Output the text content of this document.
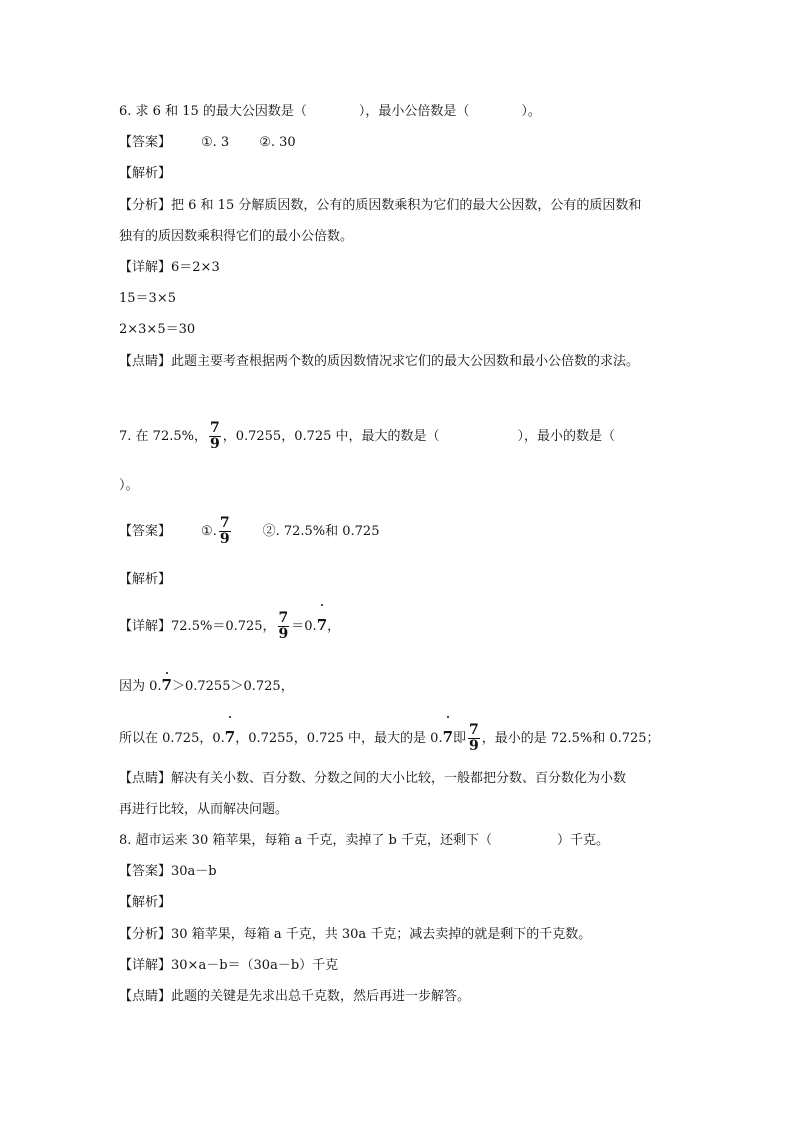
6. 求 6 和 15 的最大公因数是（　　　　），最小公倍数是（　　　　）。
【答案】 ①. 3 ②. 30
【解析】
【分析】把 6 和 15 分解质因数，公有的质因数乘积为它们的最大公因数，公有的质因数和
独有的质因数乘积得它们的最小公倍数。
【详解】6＝2×3
15＝3×5
2×3×5＝30
【点睛】此题主要考查根据两个数的质因数情况求它们的最大公因数和最小公倍数的求法。
7. 在 72.5%， $\frac{7}{9}$ ，0.7255，0.725 中，最大的数是（　　　　　　），最小的数是（
）。
【答案】 ①. $\frac{7}{9}$ ②. 72.5%和 0.725
【解析】
【详解】72.5%＝0.725， $\frac{7}{9} =0.7$，
因为 0.7＞0.7255＞0.725，
所以在 0.725，0.7，0.7255，0.725 中，最大的是 0.7即 $\frac{7}{9}$ ，最小的是 72.5%和 0.725；
【点睛】解决有关小数、百分数、分数之间的大小比较，一般都把分数、百分数化为小数
再进行比较，从而解决问题。
8. 超市运来 30 箱苹果，每箱 a 千克，卖掉了 b 千克，还剩下（　　　　　）千克。
【答案】30a－b
【解析】
【分析】30 箱苹果，每箱 a 千克，共 30a 千克；减去卖掉的就是剩下的千克数。
【详解】30×a－b＝（30a－b）千克
【点睛】此题的关键是先求出总千克数，然后再进一步解答。
